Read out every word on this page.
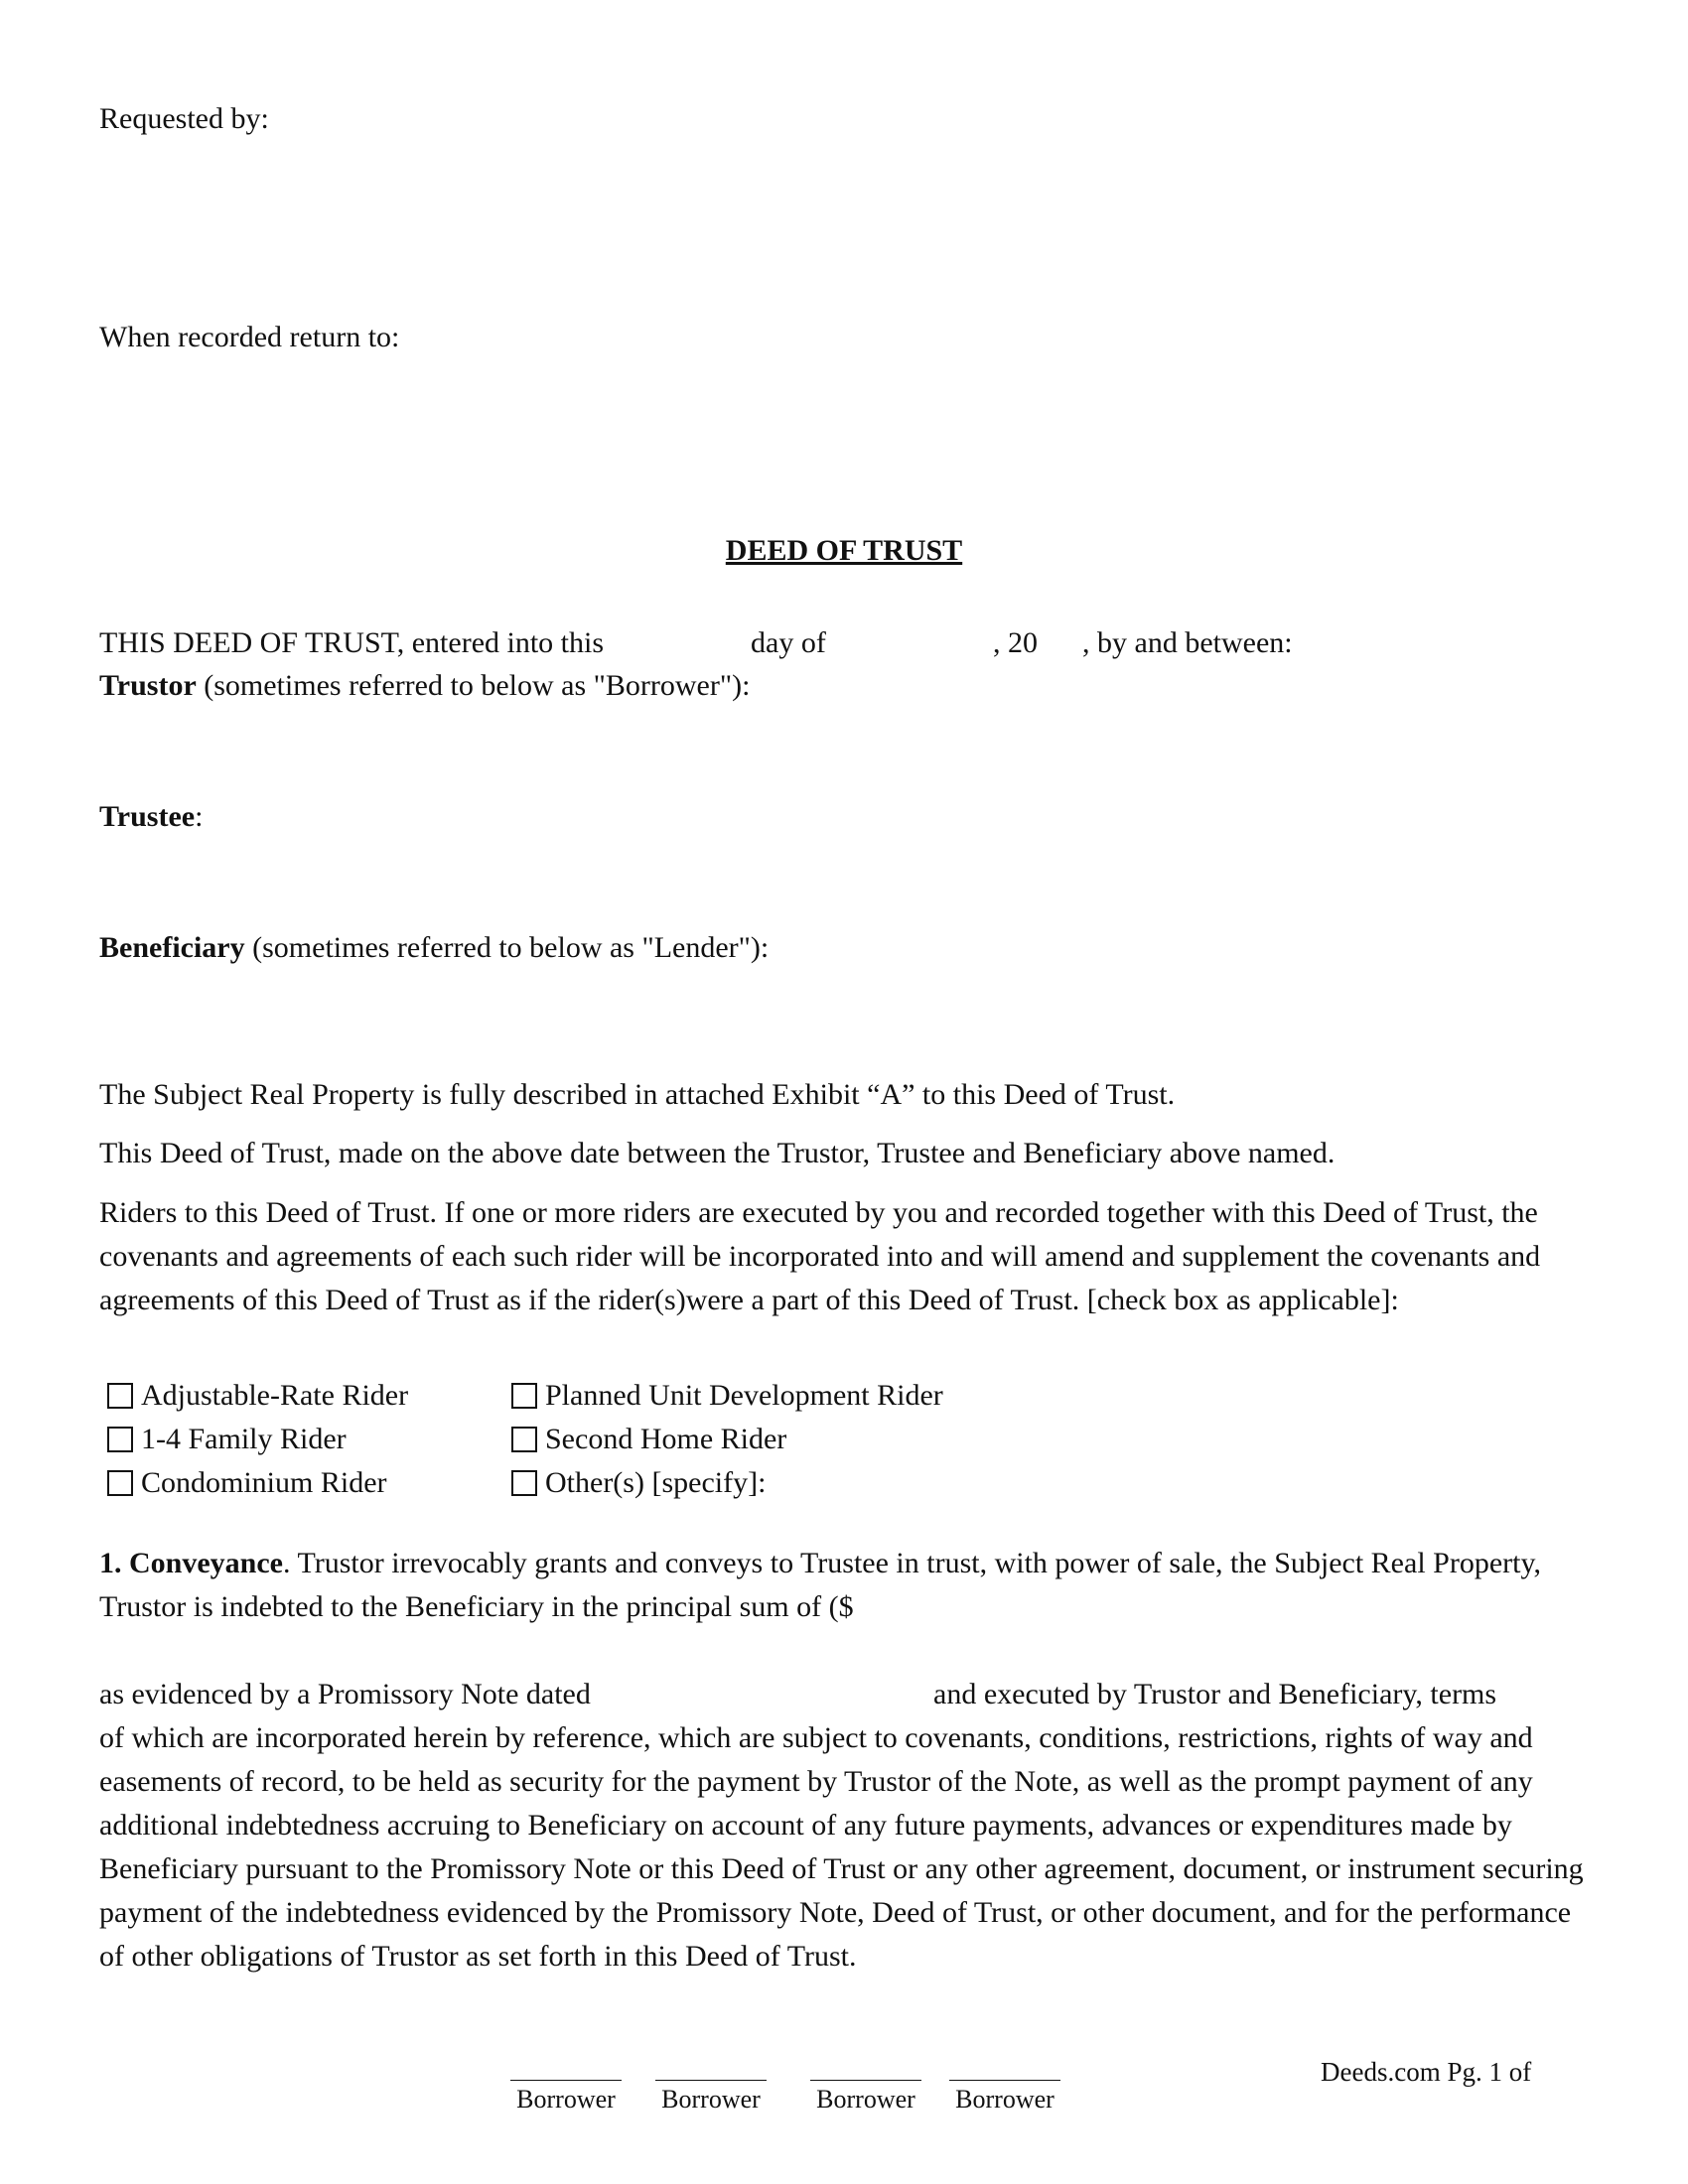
Requested by:
When recorded return to:
DEED OF TRUST
THIS DEED OF TRUST, entered into this	day of	, 20 , by and between:
Trustor (sometimes referred to below as "Borrower"):
Trustee:
Beneficiary (sometimes referred to below as "Lender"):
The Subject Real Property is fully described in attached Exhibit “A” to this Deed of Trust.
This Deed of Trust, made on the above date between the Trustor, Trustee and Beneficiary above named.

Riders to this Deed of Trust. If one or more riders are executed by you and recorded together with this Deed of Trust, the covenants and agreements of each such rider will be incorporated into and will amend and supplement the covenants and agreements of this Deed of Trust as if the rider(s)were a part of this Deed of Trust. [check box as applicable]:

Adjustable-Rate Rider
1-4 Family Rider
Condominium Rider
Planned Unit Development Rider
Second Home Rider
Other(s) [specify]:

1. Conveyance. Trustor irrevocably grants and conveys to Trustee in trust, with power of sale, the Subject Real Property, Trustor is indebted to the Beneficiary in the principal sum of ($

as evidenced by a Promissory Note dated	and executed by Trustor and Beneficiary, terms

of which are incorporated herein by reference, which are subject to covenants, conditions, restrictions, rights of way and easements of record, to be held as security for the payment by Trustor of the Note, as well as the prompt payment of any additional indebtedness accruing to Beneficiary on account of any future payments, advances or expenditures made by Beneficiary pursuant to the Promissory Note or this Deed of Trust or any other agreement, document, or instrument securing payment of the indebtedness evidenced by the Promissory Note, Deed of Trust, or other document, and for the performance of other obligations of Trustor as set forth in this Deed of Trust.

Deeds.com Pg. 1 of
Borrower Borrower Borrower Borrower
